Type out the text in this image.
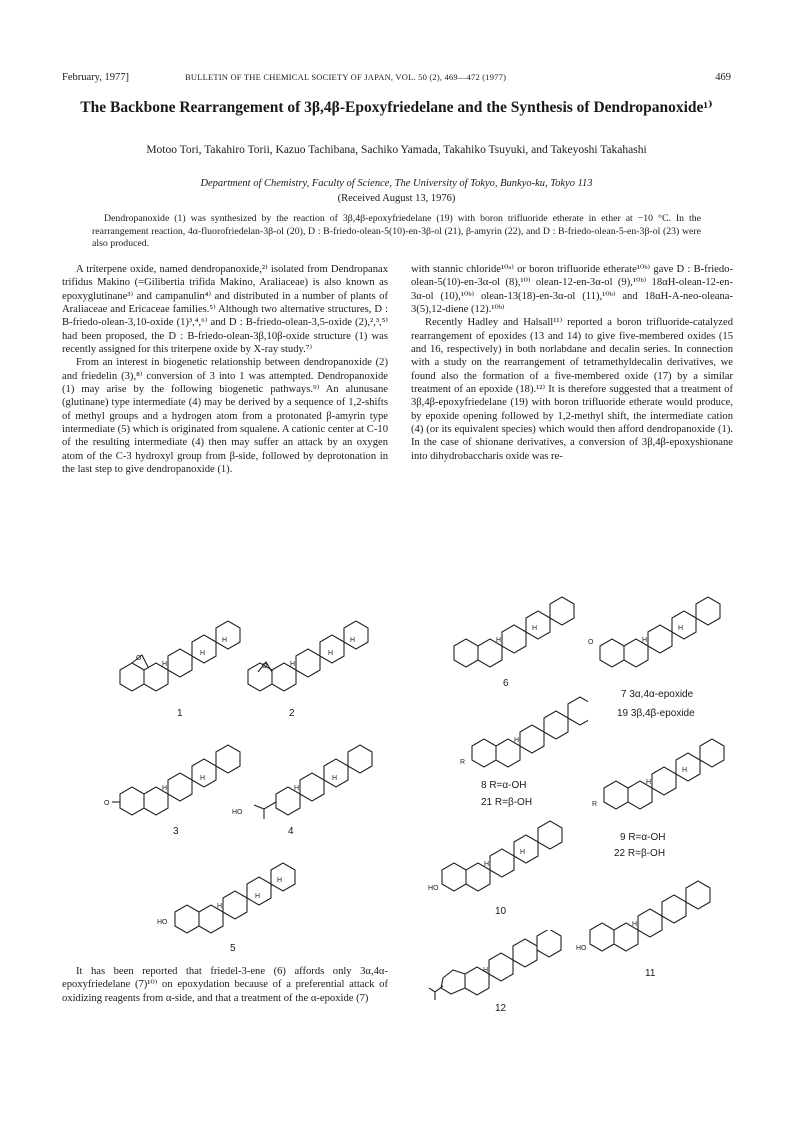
February, 1977]	BULLETIN OF THE CHEMICAL SOCIETY OF JAPAN, VOL. 50 (2), 469—472 (1977)	469
The Backbone Rearrangement of 3β,4β-Epoxyfriedelane and the Synthesis of Dendropanoxide¹⁾
Motoo Tori, Takahiro Torii, Kazuo Tachibana, Sachiko Yamada, Takahiko Tsuyuki, and Takeyoshi Takahashi
Department of Chemistry, Faculty of Science, The University of Tokyo, Bunkyo-ku, Tokyo 113
(Received August 13, 1976)
Dendropanoxide (1) was synthesized by the reaction of 3β,4β-epoxyfriedelane (19) with boron trifluoride etherate in ether at −10 °C. In the rearrangement reaction, 4α-fluorofriedelan-3β-ol (20), D : B-friedo-olean-5(10)-en-3β-ol (21), β-amyrin (22), and D : B-friedo-olean-5-en-3β-ol (23) were also produced.

A triterpene oxide, named dendropanoxide,²⁾ isolated from Dendropanax trifidus Makino (=Gilibertia trifida Makino, Araliaceae) is also known as epoxyglutinane³⁾ and campanulin⁴⁾ and distributed in a number of plants of Araliaceae and Ericaceae families.⁵⁾ Although two alternative structures, D : B-friedo-olean-3,10-oxide (1)³,⁴,⁶⁾ and D : B-friedo-olean-3,5-oxide (2),²,³,⁵⁾ had been proposed, the D : B-friedo-olean-3β,10β-oxide structure (1) was recently assigned for this triterpene oxide by X-ray study.⁷⁾

From an interest in biogenetic relationship between dendropanoxide (2) and friedelin (3),⁸⁾ conversion of 3 into 1 was attempted. Dendropanoxide (1) may arise by the following biogenetic pathways.⁹⁾ An alunusane (glutinane) type intermediate (4) may be derived by a sequence of 1,2-shifts of methyl groups and a hydrogen atom from a protonated β-amyrin type intermediate (5) which is originated from squalene. A cationic center at C-10 of the resulting intermediate (4) then may suffer an attack by an oxygen atom of the C-3 hydroxyl group from β-side, followed by deprotonation in the last step to give dendropanoxide (1).

with stannic chloride¹⁰ᵃ⁾ or boron trifluoride etherate¹⁰ᵇ⁾ gave D : B-friedo-olean-5(10)-en-3α-ol (8),¹⁰⁾ olean-12-en-3α-ol (9),¹⁰ᵇ⁾ 18αH-olean-12-en-3α-ol (10),¹⁰ᵇ⁾ olean-13(18)-en-3α-ol (11),¹⁰ᵇ⁾ and 18αH-A-neo-oleana-3(5),12-diene (12).¹⁰ᵇ⁾

Recently Hadley and Halsall¹¹⁾ reported a boron trifluoride-catalyzed rearrangement of epoxides (13 and 14) to give five-membered oxides (15 and 16, respectively) in both norlabdane and decalin series. In connection with a study on the rearrangement of tetramethyldecalin derivatives, we found also the formation of a five-membered oxide (17) by a similar treatment of an epoxide (18).¹²⁾ It is therefore suggested that a treatment of 3β,4β-epoxyfriedelane (19) with boron trifluoride etherate would produce, by epoxide opening followed by 1,2-methyl shift, the intermediate cation (4) (or its equivalent species) which would then afford dendropanoxide (1). In the case of shionane derivatives, a conversion of 3β,4β-epoxyshionane into dihydrobaccharis oxide was re-

It has been reported that friedel-3-ene (6) affords only 3α,4α-epoxyfriedelane (7)¹⁰⁾ on epoxydation because of a preferential attack of oxidizing reagents from α-side, and that a treatment of the α-epoxide (7)

O
H
H
H
1
O	H
H
H
2
O
H
H
3
HO
H
H
4
HO
H
H
H
5
H
H
6
O	H
H
7 3α,4α-epoxide
19 3β,4β-epoxide
R
H
8 R=α-OH
21 R=β-OH	R
H
H
9 R=α-OH
22 R=β-OH
HO
H
H
10
HO
H
11
H
12
